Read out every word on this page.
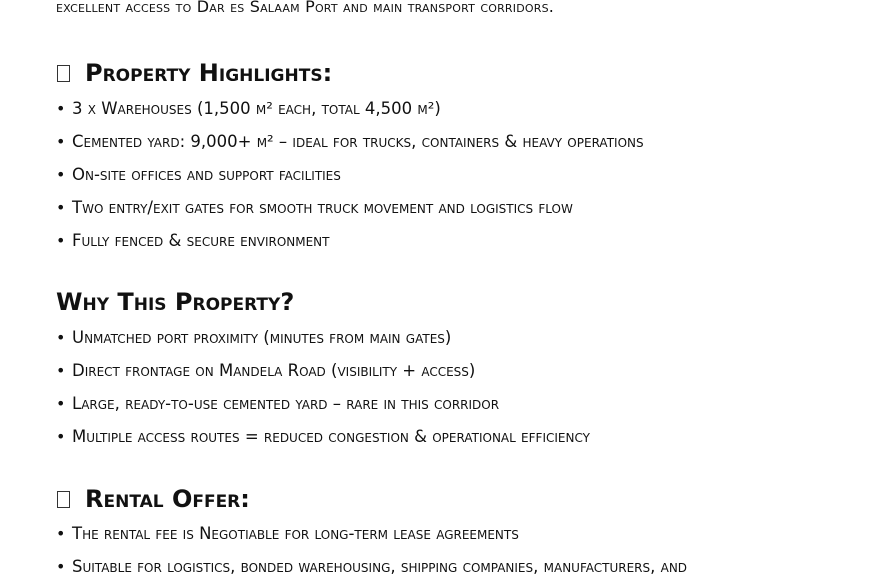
excellent access to Dar es Salaam Port and main transport corridors.
Property Highlights:
• 3 x Warehouses (1,500 m² each, total 4,500 m²)
• Cemented yard: 9,000+ m² – ideal for trucks, containers & heavy operations
• On-site offices and support facilities
• Two entry/exit gates for smooth truck movement and logistics flow
• Fully fenced & secure environment
Why This Property?
• Unmatched port proximity (minutes from main gates)
• Direct frontage on Mandela Road (visibility + access)
• Large, ready-to-use cemented yard – rare in this corridor
• Multiple access routes = reduced congestion & operational efficiency
Rental Offer:
• The rental fee is Negotiable for long-term lease agreements
• Suitable for logistics, bonded warehousing, shipping companies, manufacturers, and
